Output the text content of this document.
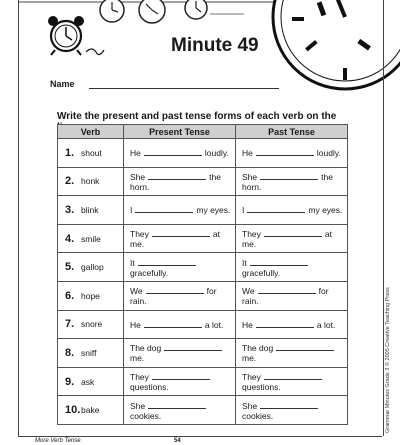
Minute 49
Name
Write the present and past tense forms of each verb on the
Verb	Present Tense	Past Tense
1. shout	He loudly.	He loudly.
2. honk	She the horn.	She the horn.
3. blink	I my eyes.	I my eyes.
4. smile	They at me.	They at me.
5. gallop	Itgracefully.	Itgracefully.
6. hope	We for rain.	We for rain.
7. snore	He a lot.	He a lot.
8. sniff	The dogme.	The dogme.
9. ask	Theyquestions.	Theyquestions.
10.bake	Shecookies.	Shecookies.
More Verb Tense	54
Grammar Minutes Grade 3 © 2005 Creative Teaching Press
